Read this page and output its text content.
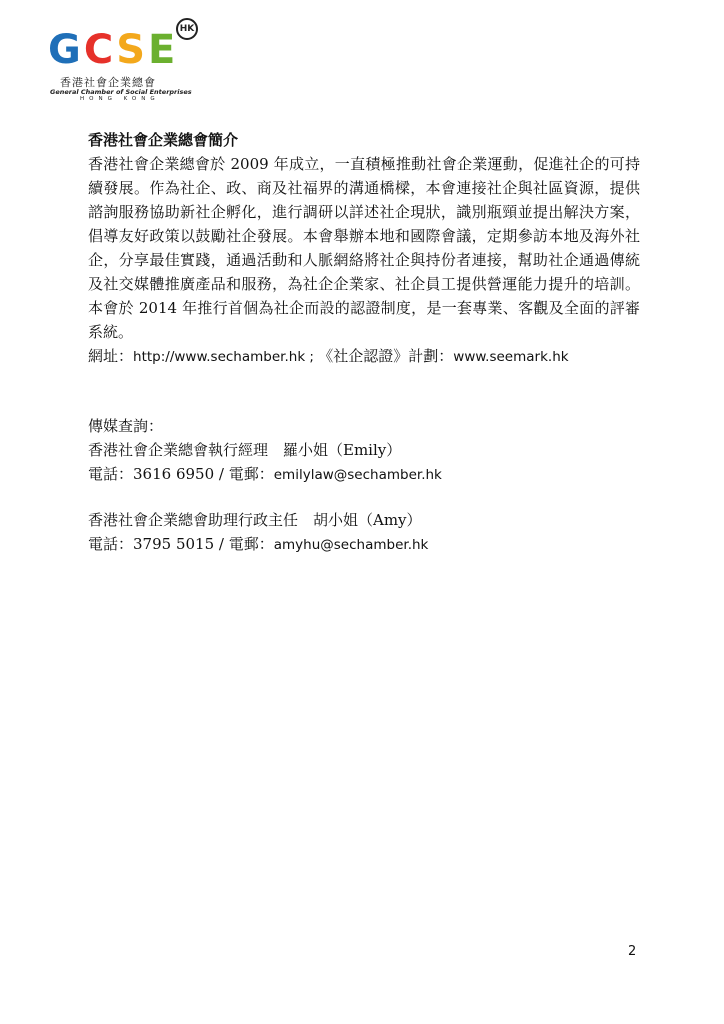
G C S E HK
香港社會企業總會
General Chamber of Social Enterprises
HONG KONG

香港社會企業總會簡介

香港社會企業總會於 2009 年成立，一直積極推動社會企業運動，促進社企的可持續發展。作為社企、政、商及社福界的溝通橋樑，本會連接社企與社區資源，提供諮詢服務協助新社企孵化，進行調研以詳述社企現狀，識別瓶頸並提出解決方案，倡導友好政策以鼓勵社企發展。本會舉辦本地和國際會議，定期參訪本地及海外社企，分享最佳實踐，通過活動和人脈網絡將社企與持份者連接，幫助社企通過傳統及社交媒體推廣產品和服務，為社企企業家、社企員工提供營運能力提升的培訓。本會於 2014 年推行首個為社企而設的認證制度，是一套專業、客觀及全面的評審系統。

網址：http://www.sechamber.hk ; 《社企認證》計劃：www.seemark.hk

傳媒查詢：

香港社會企業總會執行經理　羅小姐（Emily）

電話：3616 6950 / 電郵：emilylaw@sechamber.hk

香港社會企業總會助理行政主任　胡小姐（Amy）

電話：3795 5015 / 電郵：amyhu@sechamber.hk

2
